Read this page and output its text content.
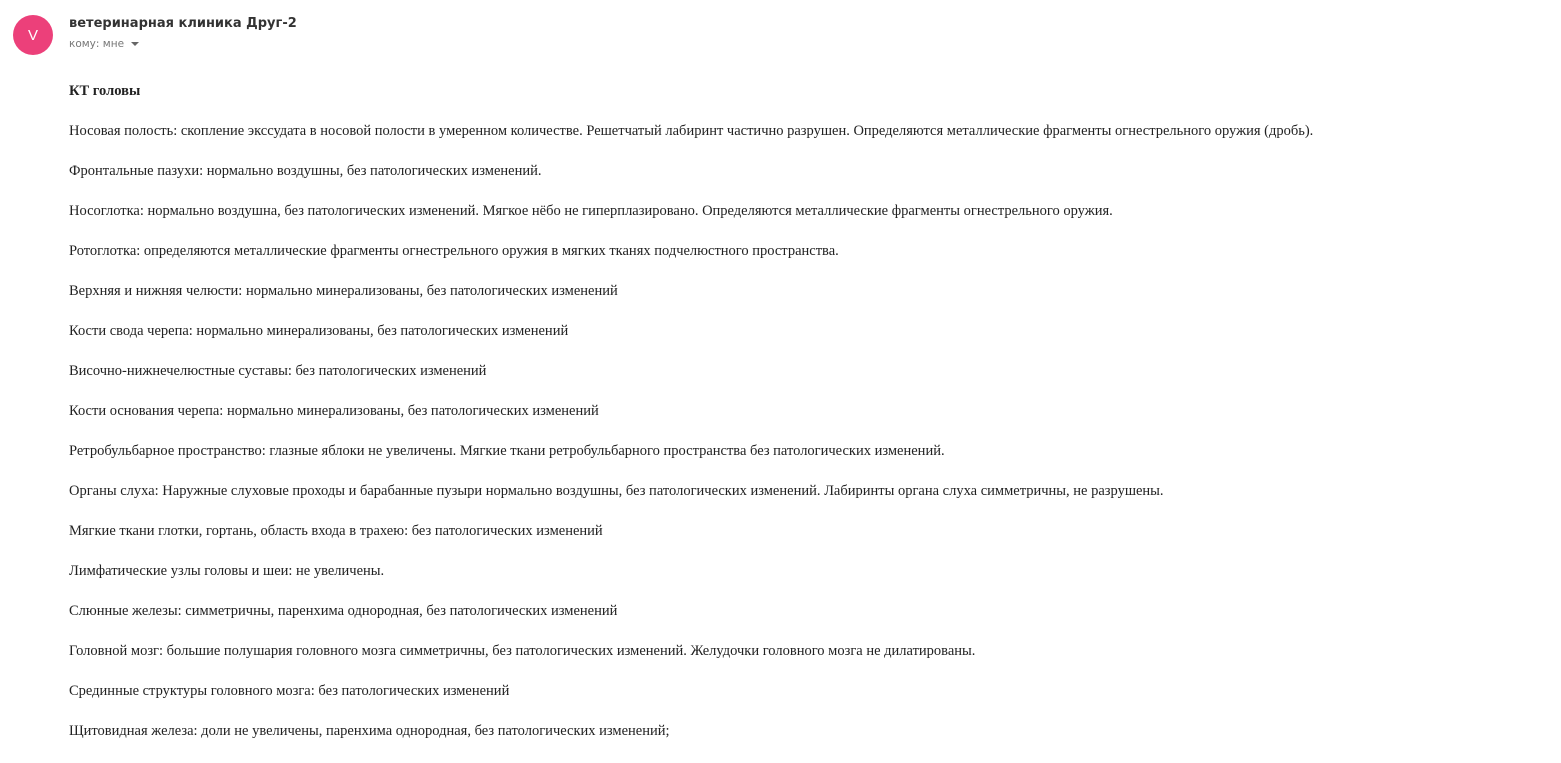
V
ветеринарная клиника Друг-2
кому: мне
КТ головы
Носовая полость: скопление экссудата в носовой полости в умеренном количестве. Решетчатый лабиринт частично разрушен. Определяются металлические фрагменты огнестрельного оружия (дробь).
Фронтальные пазухи: нормально воздушны, без патологических изменений.
Носоглотка: нормально воздушна, без патологических изменений. Мягкое нёбо не гиперплазировано. Определяются металлические фрагменты огнестрельного оружия.
Ротоглотка: определяются металлические фрагменты огнестрельного оружия в мягких тканях подчелюстного пространства.
Верхняя и нижняя челюсти: нормально минерализованы, без патологических изменений
Кости свода черепа: нормально минерализованы, без патологических изменений
Височно-нижнечелюстные суставы: без патологических изменений
Кости основания черепа: нормально минерализованы, без патологических изменений
Ретробульбарное пространство: глазные яблоки не увеличены. Мягкие ткани ретробульбарного пространства без патологических изменений.
Органы слуха: Наружные слуховые проходы и барабанные пузыри нормально воздушны, без патологических изменений. Лабиринты органа слуха симметричны, не разрушены.
Мягкие ткани глотки, гортань, область входа в трахею: без патологических изменений
Лимфатические узлы головы и шеи: не увеличены.
Слюнные железы: симметричны, паренхима однородная, без патологических изменений
Головной мозг: большие полушария головного мозга симметричны, без патологических изменений. Желудочки головного мозга не дилатированы.
Срединные структуры головного мозга: без патологических изменений
Щитовидная железа: доли не увеличены, паренхима однородная, без патологических изменений;
